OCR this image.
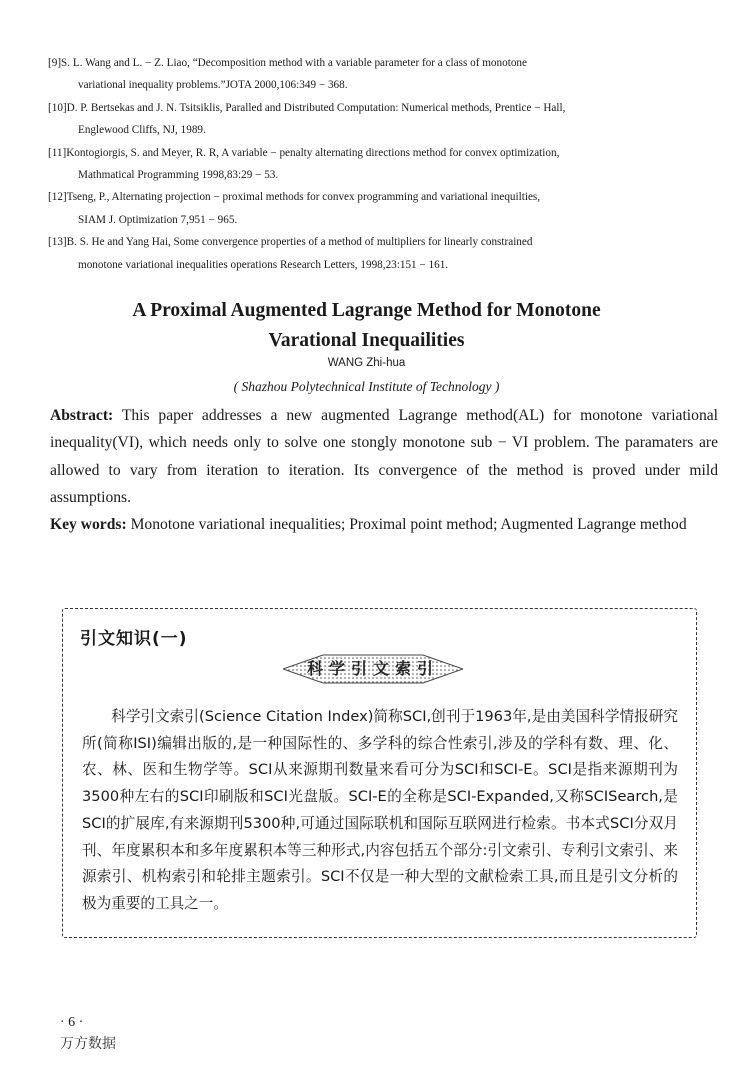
[9]S. L. Wang and L. − Z. Liao, “Decomposition method with a variable parameter for a class of monotone
variational inequality problems.”JOTA 2000,106:349 − 368.

[10]D. P. Bertsekas and J. N. Tsitsiklis, Paralled and Distributed Computation: Numerical methods, Prentice − Hall,
Englewood Cliffs, NJ, 1989.

[11]Kontogiorgis, S. and Meyer, R. R, A variable − penalty alternating directions method for convex optimization,
Mathmatical Programming 1998,83:29 − 53.

[12]Tseng, P., Alternating projection − proximal methods for convex programming and variational inequilties,
SIAM J. Optimization 7,951 − 965.

[13]B. S. He and Yang Hai, Some convergence properties of a method of multipliers for linearly constrained
monotone variational inequalities operations Research Letters, 1998,23:151 − 161.

A Proximal Augmented Lagrange Method for Monotone
Varational Inequailities
WANG Zhi-hua
( Shazhou Polytechnical Institute of Technology )
Abstract: This paper addresses a new augmented Lagrange method(AL) for monotone variational inequality(VI), which needs only to solve one stongly monotone sub − VI problem. The paramaters are allowed to vary from iteration to iteration. Its convergence of the method is proved under mild assumptions.
Key words: Monotone variational inequalities; Proximal point method; Augmented Lagrange method
引文知识(一)
科学引文索引

科学引文索引(Science Citation Index)简称SCI,创刊于1963年,是由美国科学情报研究所(简称ISI)编辑出版的,是一种国际性的、多学科的综合性索引,涉及的学科有数、理、化、农、林、医和生物学等。SCI从来源期刊数量来看可分为SCI和SCI-E。SCI是指来源期刊为3500种左右的SCI印刷版和SCI光盘版。SCI-E的全称是SCI-Expanded,又称SCISearch,是SCI的扩展库,有来源期刊5300种,可通过国际联机和国际互联网进行检索。书本式SCI分双月刊、年度累积本和多年度累积本等三种形式,内容包括五个部分:引文索引、专利引文索引、来源索引、机构索引和轮排主题索引。SCI不仅是一种大型的文献检索工具,而且是引文分析的极为重要的工具之一。

· 6 ·
万方数据
